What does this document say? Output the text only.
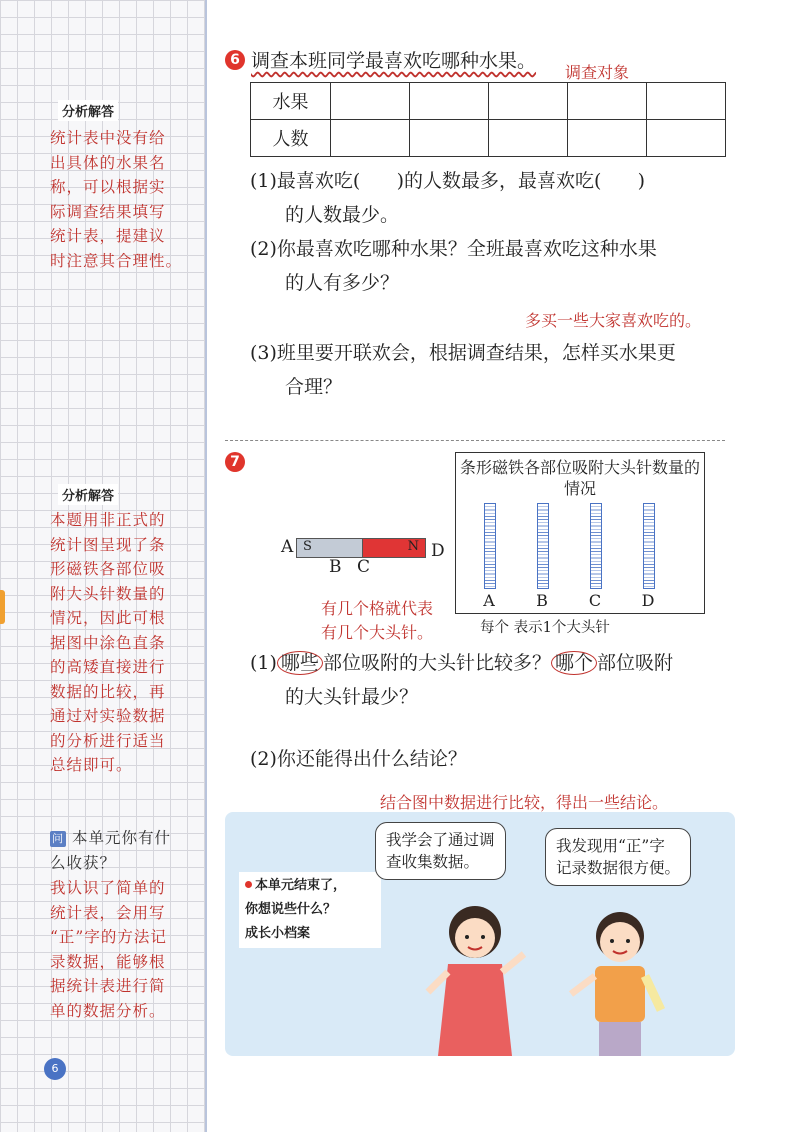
分析解答
统计表中没有给
出具体的水果名
称，可以根据实
际调查结果填写
统计表，提建议
时注意其合理性。
分析解答
本题用非正式的
统计图呈现了条
形磁铁各部位吸
附大头针数量的
情况，因此可根
据图中涂色直条
的高矮直接进行
数据的比较，再
通过对实验数据
的分析进行适当
总结即可。
问 本单元你有什
么收获？
我认识了简单的
统计表，会用写
“正”字的方法记
录数据，能够根
据统计表进行简
单的数据分析。
6
6 调查本班同学最喜欢吃哪种水果。
调查对象
水果					
人数					
(1)最喜欢吃(      )的人数最多，最喜欢吃(      )
的人数最少。
(2)你最喜欢吃哪种水果？全班最喜欢吃这种水果
的人有多少？
多买一些大家喜欢吃的。
(3)班里要开联欢会，根据调查结果，怎样买水果更
合理？
7
A S	N D
B C
条形磁铁各部位吸附大头针数量的情况
A	B	C	D
每个 表示1个大头针
有几个格就代表
有几个大头针。
(1) 哪些 部位吸附的大头针比较多？ 哪个 部位吸附
的大头针最少？
(2)你还能得出什么结论？
结合图中数据进行比较，得出一些结论。
本单元结束了，
你想说些什么？
成长小档案
我学会了通过调
查收集数据。
我发现用“正”字
记录数据很方便。
